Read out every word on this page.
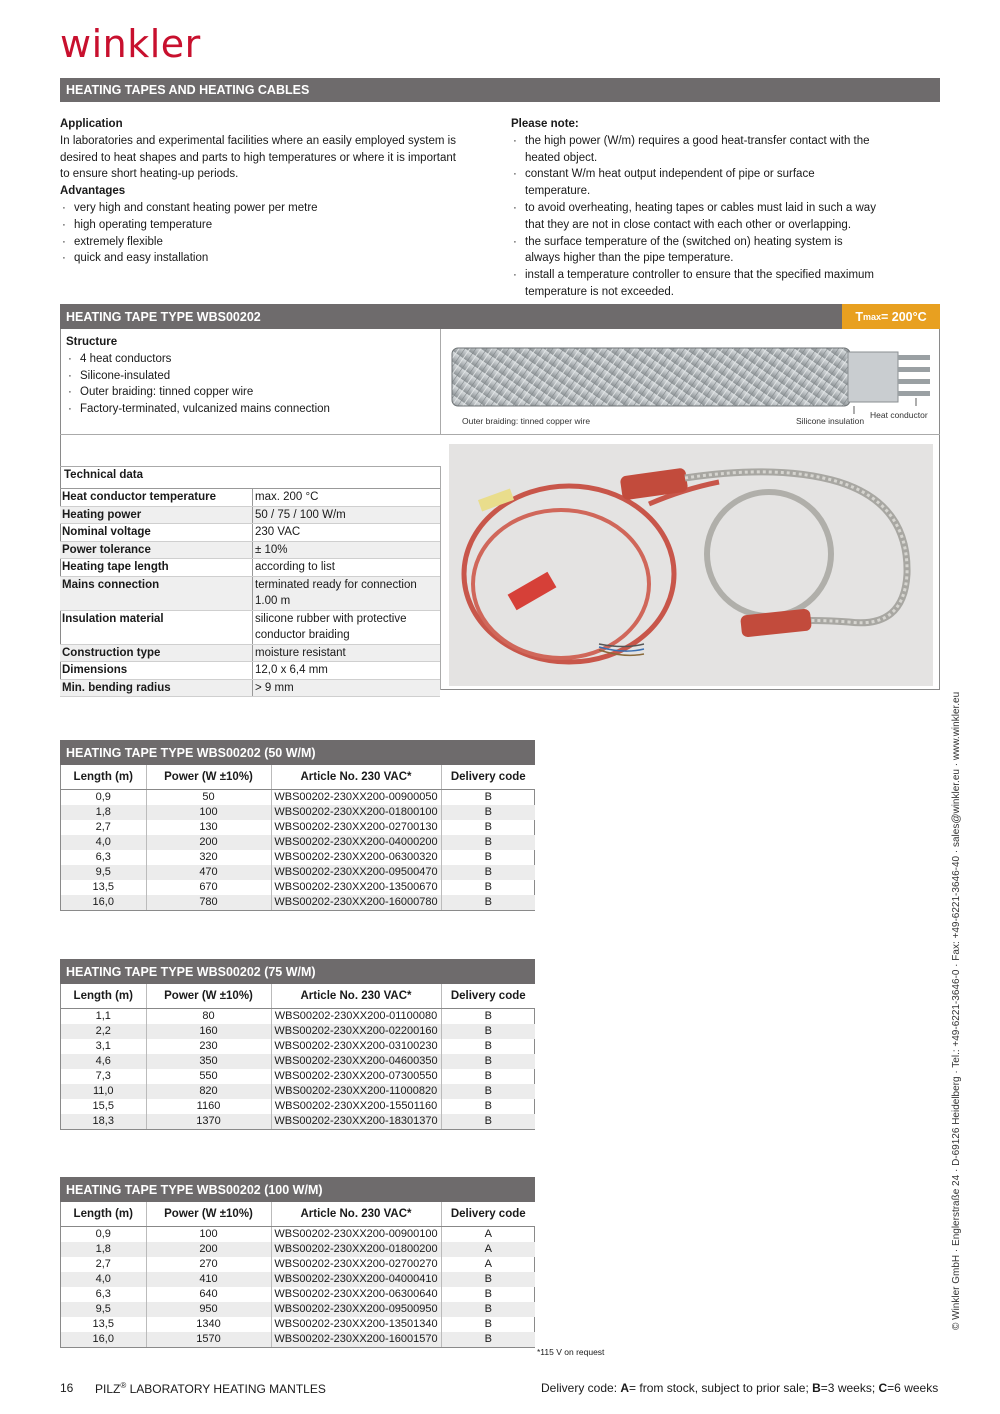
winkler
HEATING TAPES AND HEATING CABLES
Application
In laboratories and experimental facilities where an easily employed system is desired to heat shapes and parts to high temperatures or where it is important to ensure short heating-up periods.
Advantages
· very high and constant heating power per metre
· high operating temperature
· extremely flexible
· quick and easy installation
Please note:
· the high power (W/m) requires a good heat-transfer contact with the heated object.
· constant W/m heat output independent of pipe or surface temperature.
· to avoid overheating, heating tapes or cables must laid in such a way that they are not in close contact with each other or overlapping.
· the surface temperature of the (switched on) heating system is always higher than the pipe temperature.
· install a temperature controller to ensure that the specified maximum temperature is not exceeded.
HEATING TAPE TYPE WBS00202	T max = 200°C
Structure
· 4 heat conductors
· Silicone-insulated
· Outer braiding: tinned copper wire
· Factory-terminated, vulcanized mains connection
Outer braiding: tinned copper wire	Silicone insulation
Heat conductor
Technical data
Heat conductor temperature	max. 200 °C
Heating power	50 / 75 / 100 W/m
Nominal voltage	230 VAC
Power tolerance	± 10%
Heating tape length	according to list
Mains connection	terminated ready for connection 1.00 m
Insulation material	silicone rubber with protective conductor braiding
Construction type	moisture resistant
Dimensions	12,0 x 6,4 mm
Min. bending radius	> 9 mm
HEATING TAPE TYPE WBS00202 (50 W/M)
Length (m)	Power (W ±10%)	Article No. 230 VAC*	Delivery code
0,9	50	WBS00202-230XX200-00900050	B
1,8	100	WBS00202-230XX200-01800100	B
2,7	130	WBS00202-230XX200-02700130	B
4,0	200	WBS00202-230XX200-04000200	B
6,3	320	WBS00202-230XX200-06300320	B
9,5	470	WBS00202-230XX200-09500470	B
13,5	670	WBS00202-230XX200-13500670	B
16,0	780	WBS00202-230XX200-16000780	B
HEATING TAPE TYPE WBS00202 (75 W/M)
Length (m)	Power (W ±10%)	Article No. 230 VAC*	Delivery code
1,1	80	WBS00202-230XX200-01100080	B
2,2	160	WBS00202-230XX200-02200160	B
3,1	230	WBS00202-230XX200-03100230	B
4,6	350	WBS00202-230XX200-04600350	B
7,3	550	WBS00202-230XX200-07300550	B
11,0	820	WBS00202-230XX200-11000820	B
15,5	1160	WBS00202-230XX200-15501160	B
18,3	1370	WBS00202-230XX200-18301370	B
HEATING TAPE TYPE WBS00202 (100 W/M)
Length (m)	Power (W ±10%)	Article No. 230 VAC*	Delivery code
0,9	100	WBS00202-230XX200-00900100	A
1,8	200	WBS00202-230XX200-01800200	A
2,7	270	WBS00202-230XX200-02700270	A
4,0	410	WBS00202-230XX200-04000410	B
6,3	640	WBS00202-230XX200-06300640	B
9,5	950	WBS00202-230XX200-09500950	B
13,5	1340	WBS00202-230XX200-13501340	B
16,0	1570	WBS00202-230XX200-16001570	B
*115 V on request
16 PILZ® LABORATORY HEATING MANTLES	Delivery code: A= from stock, subject to prior sale; B=3 weeks; C=6 weeks
© Winkler GmbH · Englerstraße 24 · D-69126 Heidelberg · Tel.: +49-6221-3646-0 · Fax: +49-6221-3646-40 · sales@winkler.eu · www.winkler.eu
